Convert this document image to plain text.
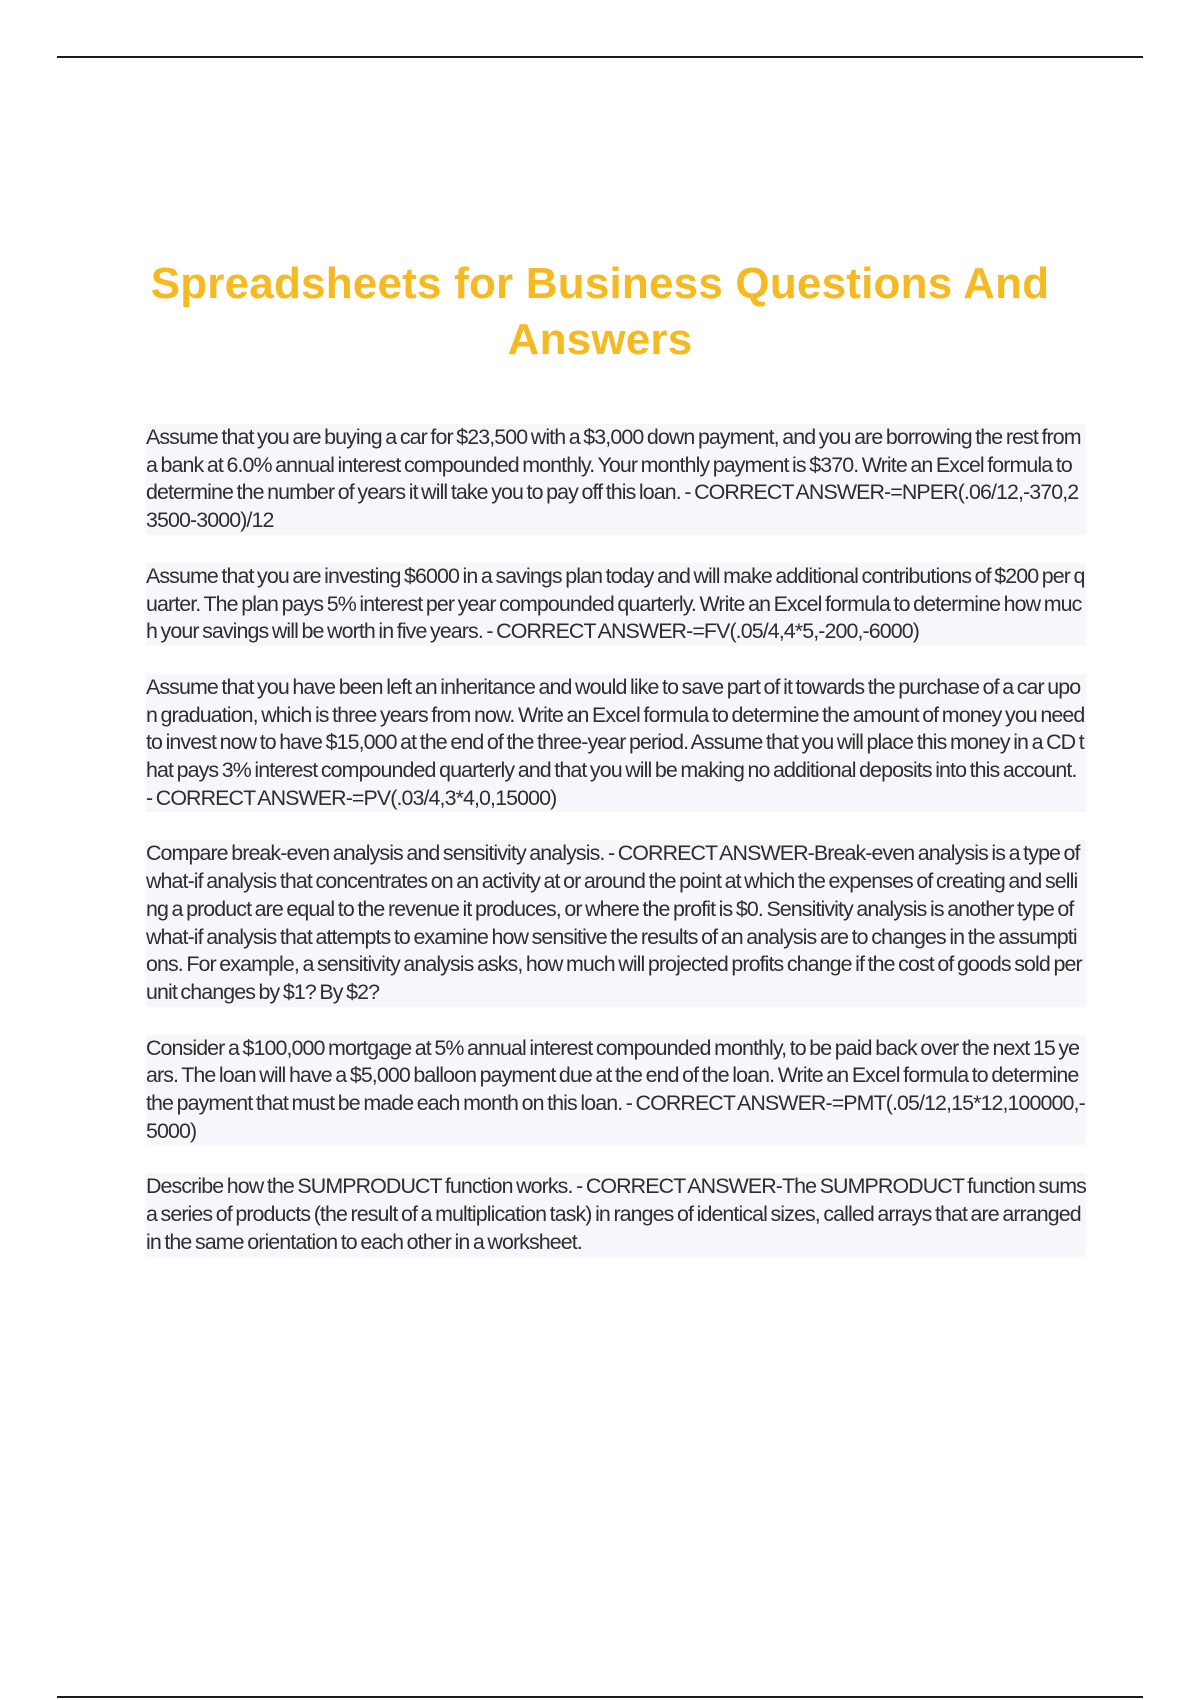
Spreadsheets for Business Questions And Answers

Assume that you are buying a car for $23,500 with a $3,000 down payment, and you are borrowing the rest from a bank at 6.0% annual interest compounded monthly. Your monthly payment is $370. Write an Excel formula to determine the number of years it will take you to pay off this loan. - CORRECT ANSWER-=NPER(.06/12,-370,23500-3000)/12

Assume that you are investing $6000 in a savings plan today and will make additional contributions of $200 per quarter. The plan pays 5% interest per year compounded quarterly. Write an Excel formula to determine how much your savings will be worth in five years. - CORRECT ANSWER-=FV(.05/4,4*5,-200,-6000)

Assume that you have been left an inheritance and would like to save part of it towards the purchase of a car upon graduation, which is three years from now. Write an Excel formula to determine the amount of money you need to invest now to have $15,000 at the end of the three-year period. Assume that you will place this money in a CD that pays 3% interest compounded quarterly and that you will be making no additional deposits into this account. - CORRECT ANSWER-=PV(.03/4,3*4,0,15000)

Compare break-even analysis and sensitivity analysis. - CORRECT ANSWER-Break-even analysis is a type of what-if analysis that concentrates on an activity at or around the point at which the expenses of creating and selling a product are equal to the revenue it produces, or where the profit is $0. Sensitivity analysis is another type of what-if analysis that attempts to examine how sensitive the results of an analysis are to changes in the assumptions. For example, a sensitivity analysis asks, how much will projected profits change if the cost of goods sold per unit changes by $1? By $2?

Consider a $100,000 mortgage at 5% annual interest compounded monthly, to be paid back over the next 15 years. The loan will have a $5,000 balloon payment due at the end of the loan. Write an Excel formula to determine the payment that must be made each month on this loan. - CORRECT ANSWER-=PMT(.05/12,15*12,100000,-5000)

Describe how the SUMPRODUCT function works. - CORRECT ANSWER-The SUMPRODUCT function sums a series of products (the result of a multiplication task) in ranges of identical sizes, called arrays that are arranged in the same orientation to each other in a worksheet.
